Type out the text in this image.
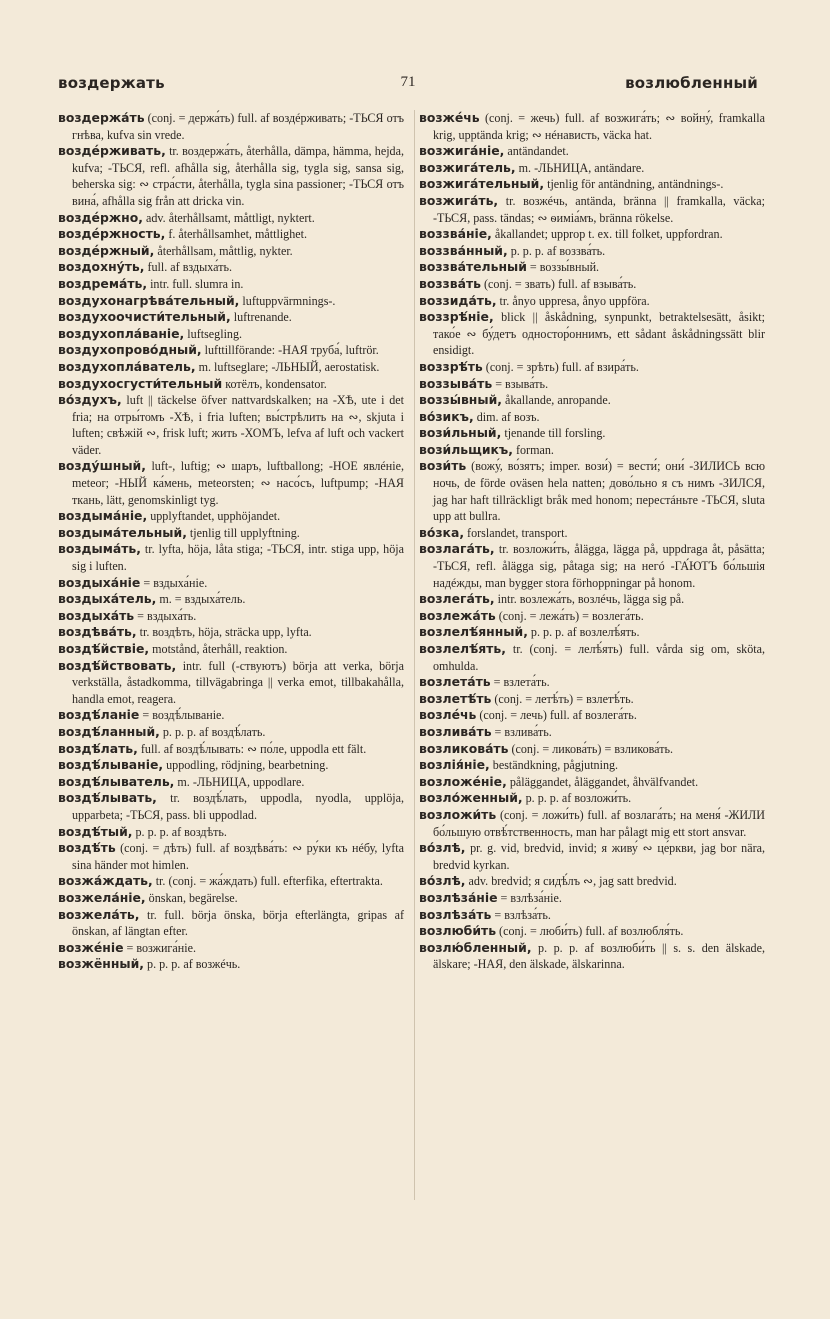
71
воздержать	возлюбленный

воздержа́ть (conj. = держа́ть) full. af воздéрживать; -ТЬСЯ отъ гнѣва, kufva sin vrede.

воздéрживать, tr. воздержа́ть, återhålla, dämpa, hämma, hejda, kufva; -ТЬСЯ, refl. afhålla sig, återhålla sig, tygla sig, sansa sig, beherska sig: ∾ стра́сти, återhålla, tygla sina passioner; -ТЬСЯ отъ вина́, afhålla sig från att dricka vin.

воздéржно, adv. återhållsamt, måttligt, nyktert.

воздéржность, f. återhållsamhet, måttlighet.

воздéржный, återhållsam, måttlig, nykter.

воздохну́ть, full. af вздыха́ть.

воздрема́ть, intr. full. slumra in.

воздухонагрѣва́тельный, luftuppvärmnings-.

воздухоочисти́тельный, luftrenande.

воздухопла́ваніе, luftsegling.

воздухопрово́дный, lufttillförande: -НАЯ труба́, luftrör.

воздухопла́ватель, m. luftseglare; -ЛЬНЫЙ, aerostatisk.

воздухосгусти́тельный котёлъ, kondensator.

во́здухъ, luft || täckelse öfver nattvardskalken; на -ХѢ, ute i det fria; на отры́томъ -ХѢ, i fria luften; вы́стрѣлить на ∾, skjuta i luften; свѣжій ∾, frisk luft; жить -ХОМЪ, lefva af luft och vackert väder.

возду́шный, luft-, luftig; ∾ шаръ, luftballong; -НОЕ явлéніе, meteor; -НЫЙ ка́мень, meteorsten; ∾ насо́съ, luftpump; -НАЯ ткань, lätt, genomskinligt tyg.

воздыма́ніе, upplyftandet, upphöjandet.

воздыма́тельный, tjenlig till upplyftning.

воздыма́ть, tr. lyfta, höja, låta stiga; -ТЬСЯ, intr. stiga upp, höja sig i luften.

воздыха́ніе = вздыха́ніе.

воздыха́тель, m. = вздыха́тель.

воздыха́ть = вздыха́ть.

воздѣва́ть, tr. воздѣть, höja, sträcka upp, lyfta.

воздѣ́йствіе, motstånd, återhåll, reaktion.

воздѣ́йствовать, intr. full (-ствуютъ) börja att verka, börja verkställa, åstadkomma, tillvägabringa || verka emot, tillbakahålla, handla emot, reagera.

воздѣ́ланіе = воздѣ́лываніе.

воздѣ́ланный, p. p. p. af воздѣ́лать.

воздѣ́лать, full. af воздѣ́лывать: ∾ по́ле, uppodla ett fält.

воздѣ́лываніе, uppodling, rödjning, bearbetning.

воздѣ́лыватель, m. -ЛЬНИЦА, uppodlare.

воздѣ́лывать, tr. воздѣ́лать, uppodla, nyodla, upplöja, upparbeta; -ТЬСЯ, pass. bli uppodlad.

воздѣ́тый, p. p. p. af воздѣть.

воздѣ́ть (conj. = дѣть) full. af воздѣва́ть: ∾ ру́ки къ нéбу, lyfta sina händer mot himlen.

возжа́ждать, tr. (conj. = жа́ждать) full. efterfika, eftertrakta.

возжела́ніе, önskan, begärelse.

возжела́ть, tr. full. börja önska, börja efterlängta, gripas af önskan, af längtan efter.

возжéніе = возжига́ніе.

возжённый, p. p. p. af возжéчь.

возжéчь (conj. = жечь) full. af возжига́ть; ∾ войну́, framkalla krig, upptända krig; ∾ нéнависть, väcka hat.

возжига́ніе, antändandet.

возжига́тель, m. -ЛЬНИЦА, antändare.

возжига́тельный, tjenlig för antändning, antändnings-.

возжига́ть, tr. возжéчь, antända, bränna || framkalla, väcka; -ТЬСЯ, pass. tändas; ∾ ѳиміа́мъ, bränna rökelse.

воззва́ніе, åkallandet; upprop t. ex. till folket, uppfordran.

воззва́нный, p. p. p. af воззва́ть.

воззва́тельный = воззы́вный.

воззва́ть (conj. = звать) full. af взыва́ть.

воззида́ть, tr. ånyo uppresa, ånyo uppföra.

воззрѣ́ніе, blick || åskådning, synpunkt, betraktelsesätt, åsikt; тако́е ∾ бу́детъ одностор́оннимъ, ett sådant åskådningssätt blir ensidigt.

воззрѣ́ть (conj. = зрѣть) full. af взира́ть.

воззыва́ть = взыва́ть.

воззы́вный, åkallande, anropande.

во́зикъ, dim. af возъ.

вози́льный, tjenande till forsling.

вози́льщикъ, forman.

вози́ть (вожу́, во́зятъ; imper. вози́) = вести́; они́ -ЗИЛИСЬ всю ночь, de förde oväsen hela natten; дово́льно я съ нимъ -ЗИЛСЯ, jag har haft tillräckligt bråk med honom; перестáньте -ТЬСЯ, sluta upp att bullra.

во́зка, forslandet, transport.

возлага́ть, tr. возложи́ть, ålägga, lägga på, uppdraga åt, påsätta; -ТЬСЯ, refl. ålägga sig, påtaga sig; на негó -ГА́ЮТЪ бо́льшія надéжды, man bygger stora förhoppningar på honom.

возлега́ть, intr. возлежа́ть, возлéчь, lägga sig på.

возлежа́ть (conj. = лежа́ть) = возлега́ть.

возлелѣ́янный, p. p. p. af возлелѣ́ять.

возлелѣ́ять, tr. (conj. = лелѣ́ять) full. vårda sig om, sköta, omhulda.

возлета́ть = взлета́ть.

возлетѣ́ть (conj. = летѣ́ть) = взлетѣ́ть.

возлéчь (conj. = лечь) full. af возлега́ть.

возлива́ть = взлива́ть.

возликова́ть (conj. = ликова́ть) = взликова́ть.

возлія́ніе, beständkning, pågjutning.

возложéніе, påläggandet, åläggandet, åhvälfvandet.

возло́женный, p. p. p. af возложи́ть.

возложи́ть (conj. = ложи́ть) full. af возлага́ть; на меня́ -ЖИЛИ бо́льшую отвѣ́тственность, man har pålagt mig ett stort ansvar.

во́злѣ, pr. g. vid, bredvid, invid; я живу́ ∾ це́ркви, jag bor nära, bredvid kyrkan.

во́злѣ, adv. bredvid; я сидѣ́лъ ∾, jag satt bredvid.

возлѣза́ніе = взлѣза́ніе.

возлѣза́ть = взлѣза́ть.

возлюби́ть (conj. = люби́ть) full. af возлюбля́ть.

возлю́бленный, p. p. p. af возлюби́ть || s. s. den älskade, älskare; -НАЯ, den älskade, älskarinna.
